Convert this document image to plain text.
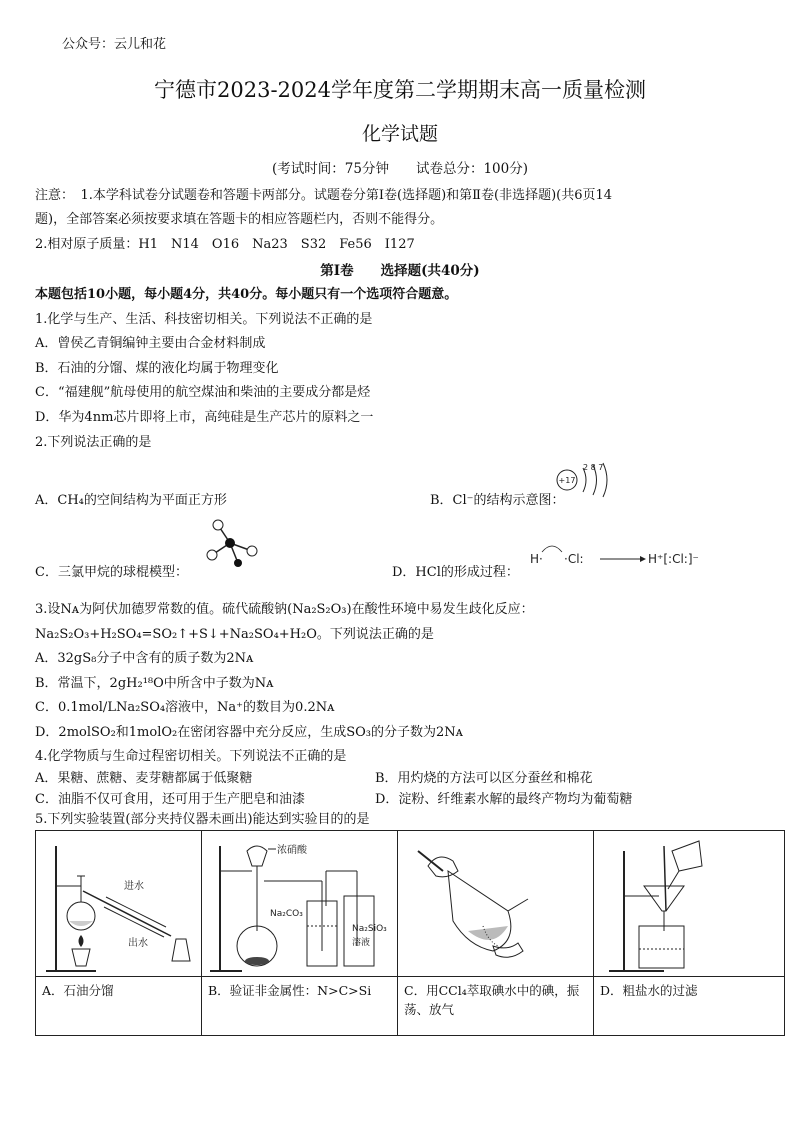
公众号：云儿和花
宁德市2023-2024学年度第二学期期末高一质量检测
化学试题
(考试时间：75分钟　　试卷总分：100分)
注意：　1.本学科试卷分试题卷和答题卡两部分。试题卷分第Ⅰ卷(选择题)和第Ⅱ卷(非选择题)(共6页14
题)，全部答案必须按要求填在答题卡的相应答题栏内，否则不能得分。
2.相对原子质量：H1　N14　O16　Na23　S32　Fe56　I127
第Ⅰ卷　　选择题(共40分)
本题包括10小题，每小题4分，共40分。每小题只有一个选项符合题意。
1.化学与生产、生活、科技密切相关。下列说法不正确的是
A．曾侯乙青铜编钟主要由合金材料制成
B．石油的分馏、煤的液化均属于物理变化
C．“福建舰”航母使用的航空煤油和柴油的主要成分都是烃
D．华为4nm芯片即将上市，高纯硅是生产芯片的原料之一
2.下列说法正确的是
A．CH₄的空间结构为平面正方形	B．Cl⁻的结构示意图：
+17
2 8 7
C．三氯甲烷的球棍模型：	D．HCl的形成过程：
H· ·Cl:	H⁺[:Cl:]⁻
3.设Nᴀ为阿伏加德罗常数的值。硫代硫酸钠(Na₂S₂O₃)在酸性环境中易发生歧化反应：
Na₂S₂O₃+H₂SO₄=SO₂↑+S↓+Na₂SO₄+H₂O。下列说法正确的是
A．32gS₈分子中含有的质子数为2Nᴀ
B．常温下，2gH₂¹⁸O中所含中子数为Nᴀ
C．0.1mol/LNa₂SO₄溶液中，Na⁺的数目为0.2Nᴀ
D．2molSO₂和1molO₂在密闭容器中充分反应，生成SO₃的分子数为2Nᴀ
4.化学物质与生命过程密切相关。下列说法不正确的是
A．果糖、蔗糖、麦芽糖都属于低聚糖	B．用灼烧的方法可以区分蚕丝和棉花
C．油脂不仅可食用，还可用于生产肥皂和油漆	D．淀粉、纤维素水解的最终产物均为葡萄糖
5.下列实验装置(部分夹持仪器未画出)能达到实验目的的是
进水
出水	浓硝酸
Na₂CO₃
Na₂SiO₃
溶液

A．石油分馏	B．验证非金属性：N>C>Si	C．用CCl₄萃取碘水中的碘，振荡、放气	D．粗盐水的过滤
